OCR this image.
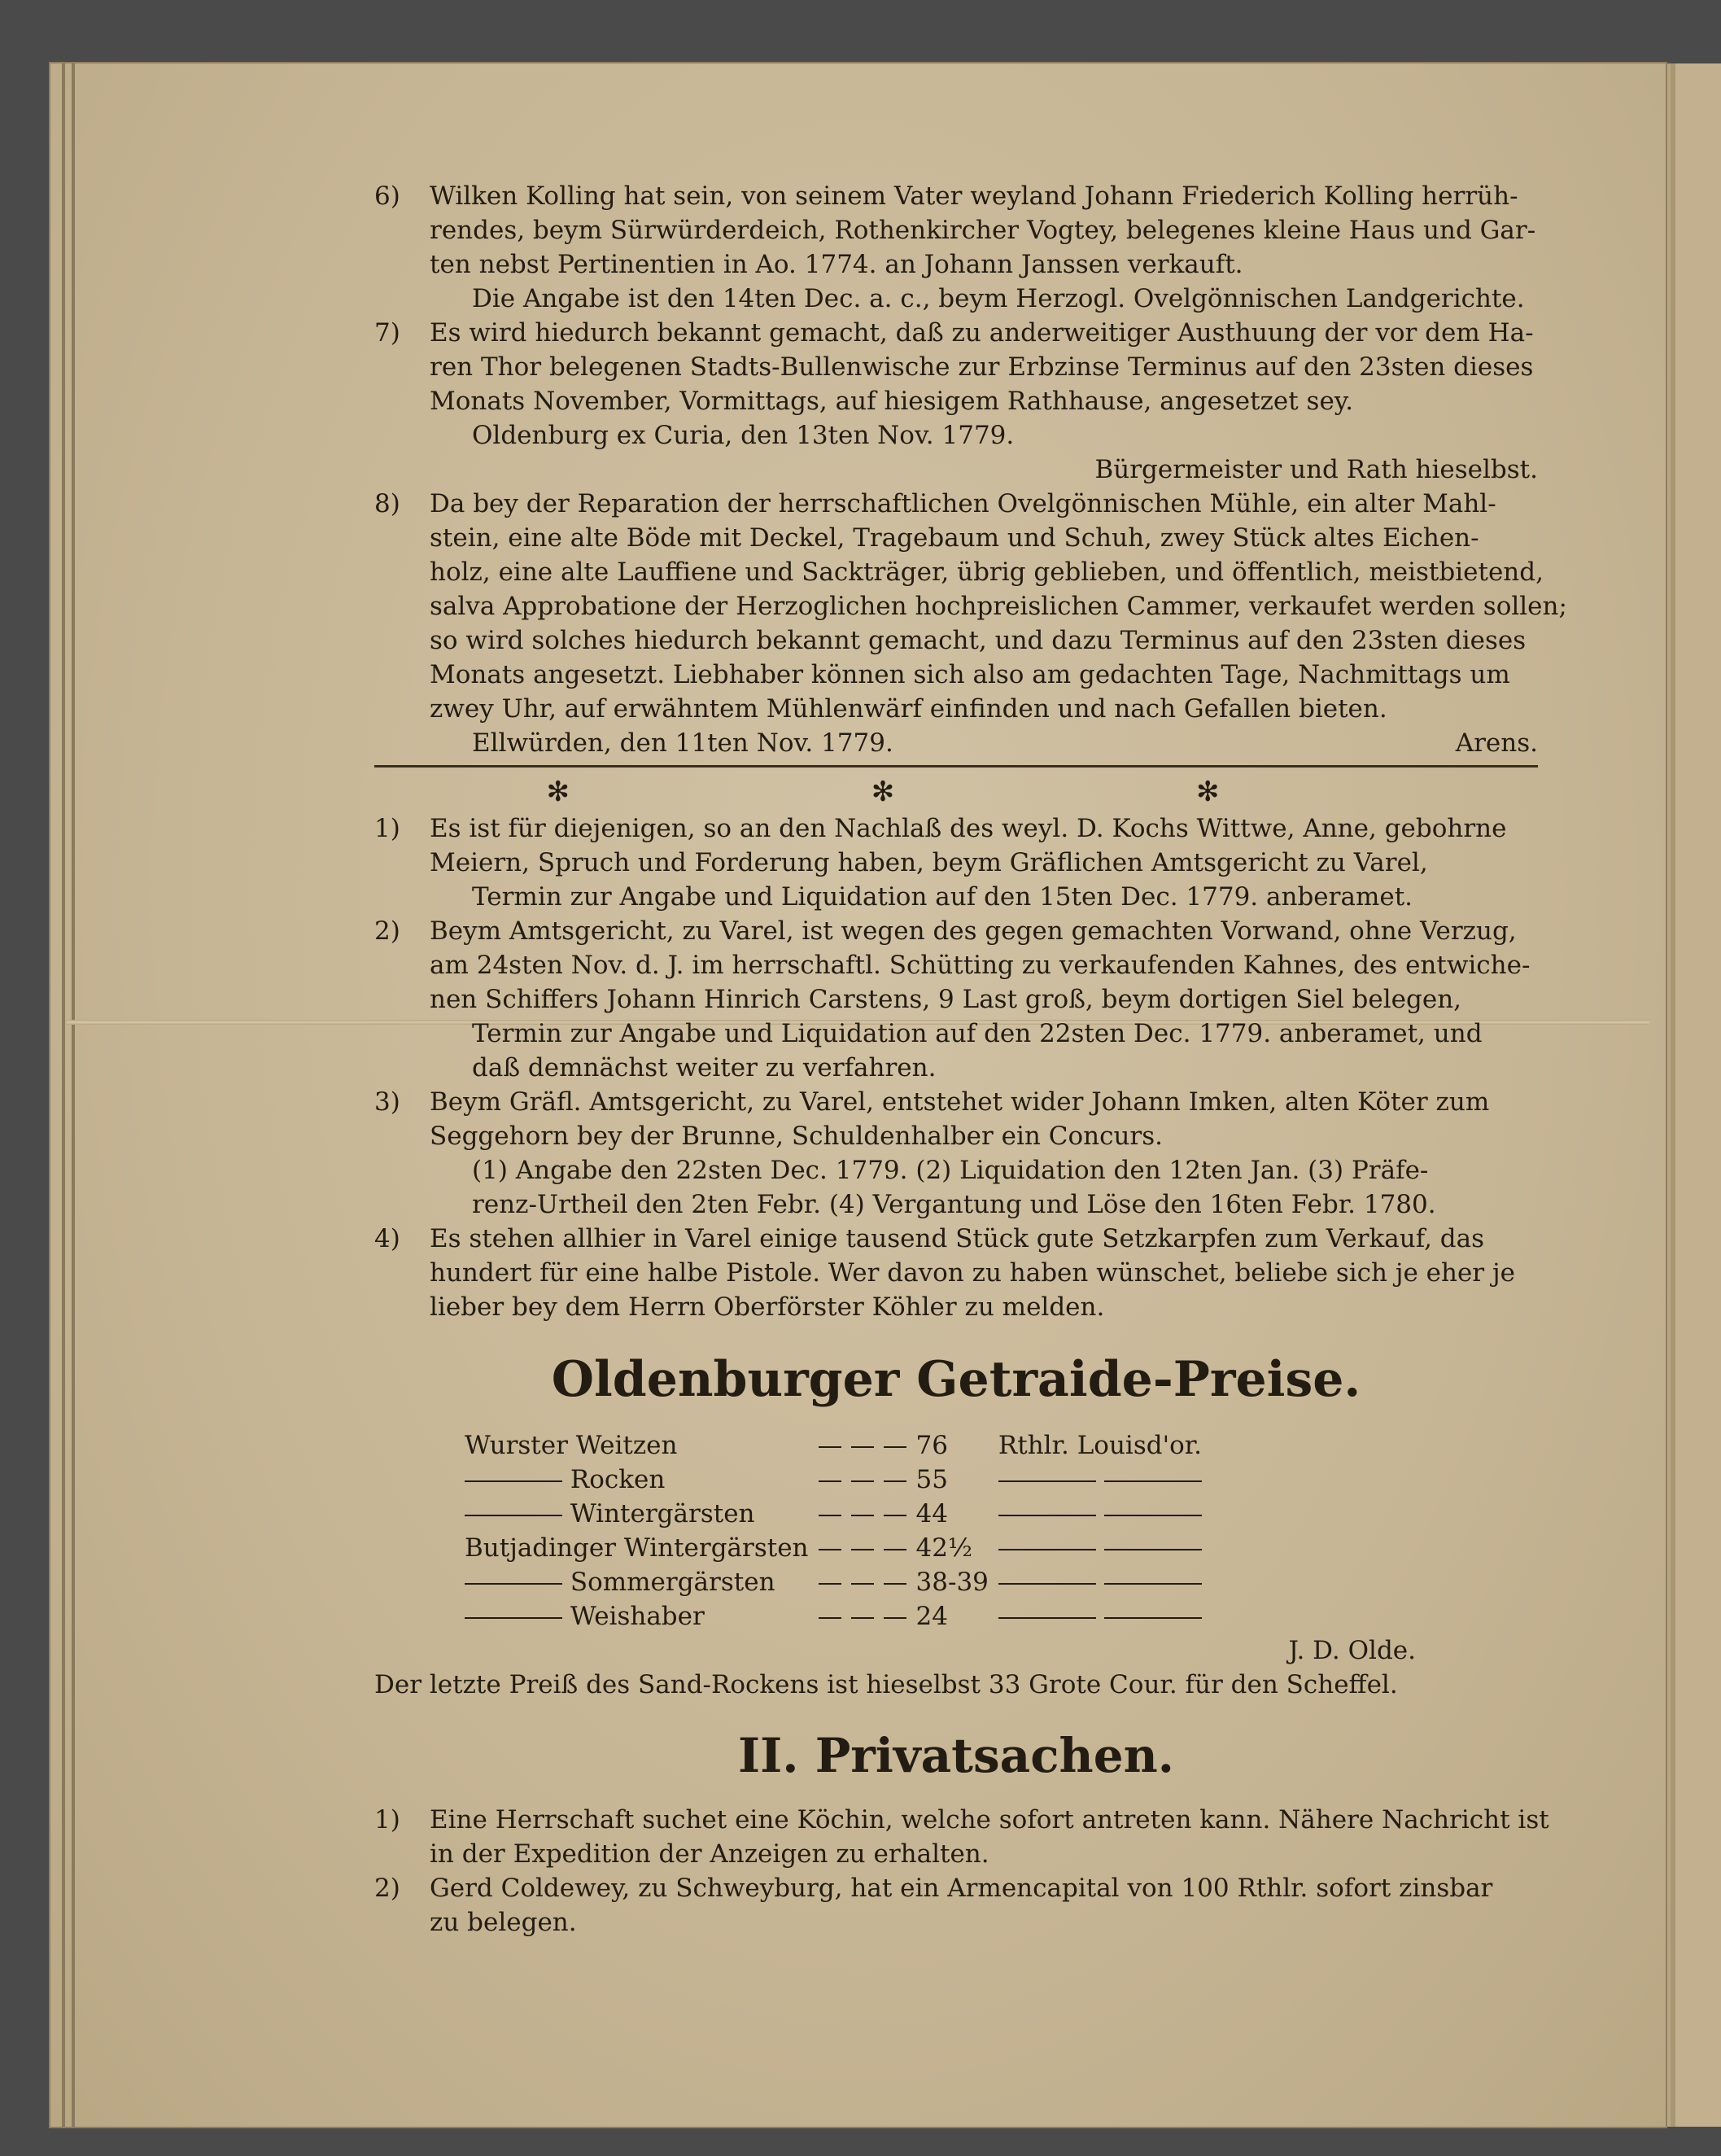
6) Wilken Kolling hat sein, von seinem Vater weyland Johann Friederich Kolling herrüh-
rendes, beym Sürwürderdeich, Rothenkircher Vogtey, belegenes kleine Haus und Gar-
ten nebst Pertinentien in Ao. 1774. an Johann Janssen verkauft.
Die Angabe ist den 14ten Dec. a. c., beym Herzogl. Ovelgönnischen Landgerichte.
7) Es wird hiedurch bekannt gemacht, daß zu anderweitiger Austhuung der vor dem Ha-
ren Thor belegenen Stadts-Bullenwische zur Erbzinse Terminus auf den 23sten dieses
Monats November, Vormittags, auf hiesigem Rathhause, angesetzet sey.
Oldenburg ex Curia, den 13ten Nov. 1779.
Bürgermeister und Rath hieselbst.
8) Da bey der Reparation der herrschaftlichen Ovelgönnischen Mühle, ein alter Mahl-
stein, eine alte Böde mit Deckel, Tragebaum und Schuh, zwey Stück altes Eichen-
holz, eine alte Lauffiene und Sackträger, übrig geblieben, und öffentlich, meistbietend,
salva Approbatione der Herzoglichen hochpreislichen Cammer, verkaufet werden sollen;
so wird solches hiedurch bekannt gemacht, und dazu Terminus auf den 23sten dieses
Monats angesetzt. Liebhaber können sich also am gedachten Tage, Nachmittags um
zwey Uhr, auf erwähntem Mühlenwärf einfinden und nach Gefallen bieten.
Ellwürden, den 11ten Nov. 1779.	Arens.
✻ ✻ ✻
1) Es ist für diejenigen, so an den Nachlaß des weyl. D. Kochs Wittwe, Anne, gebohrne
Meiern, Spruch und Forderung haben, beym Gräflichen Amtsgericht zu Varel,
Termin zur Angabe und Liquidation auf den 15ten Dec. 1779. anberamet.
2) Beym Amtsgericht, zu Varel, ist wegen des gegen gemachten Vorwand, ohne Verzug,
am 24sten Nov. d. J. im herrschaftl. Schütting zu verkaufenden Kahnes, des entwiche-
nen Schiffers Johann Hinrich Carstens, 9 Last groß, beym dortigen Siel belegen,
Termin zur Angabe und Liquidation auf den 22sten Dec. 1779. anberamet, und
daß demnächst weiter zu verfahren.
3) Beym Gräfl. Amtsgericht, zu Varel, entstehet wider Johann Imken, alten Köter zum
Seggehorn bey der Brunne, Schuldenhalber ein Concurs.
(1) Angabe den 22sten Dec. 1779. (2) Liquidation den 12ten Jan. (3) Präfe-
renz-Urtheil den 2ten Febr. (4) Vergantung und Löse den 16ten Febr. 1780.
4) Es stehen allhier in Varel einige tausend Stück gute Setzkarpfen zum Verkauf, das
hundert für eine halbe Pistole. Wer davon zu haben wünschet, beliebe sich je eher je
lieber bey dem Herrn Oberförster Köhler zu melden.
Oldenburger Getraide-Preise.
Wurster Weitzen				76	Rthlr. Louisd'or.
Rocken				55	
Wintergärsten				44	
Butjadinger Wintergärsten				42½	
Sommergärsten				38-39	
Weishaber				24	
J. D. Olde.
Der letzte Preiß des Sand-Rockens ist hieselbst 33 Grote Cour. für den Scheffel.
II. Privatsachen.
1) Eine Herrschaft suchet eine Köchin, welche sofort antreten kann. Nähere Nachricht ist
in der Expedition der Anzeigen zu erhalten.
2) Gerd Coldewey, zu Schweyburg, hat ein Armencapital von 100 Rthlr. sofort zinsbar
zu belegen.
